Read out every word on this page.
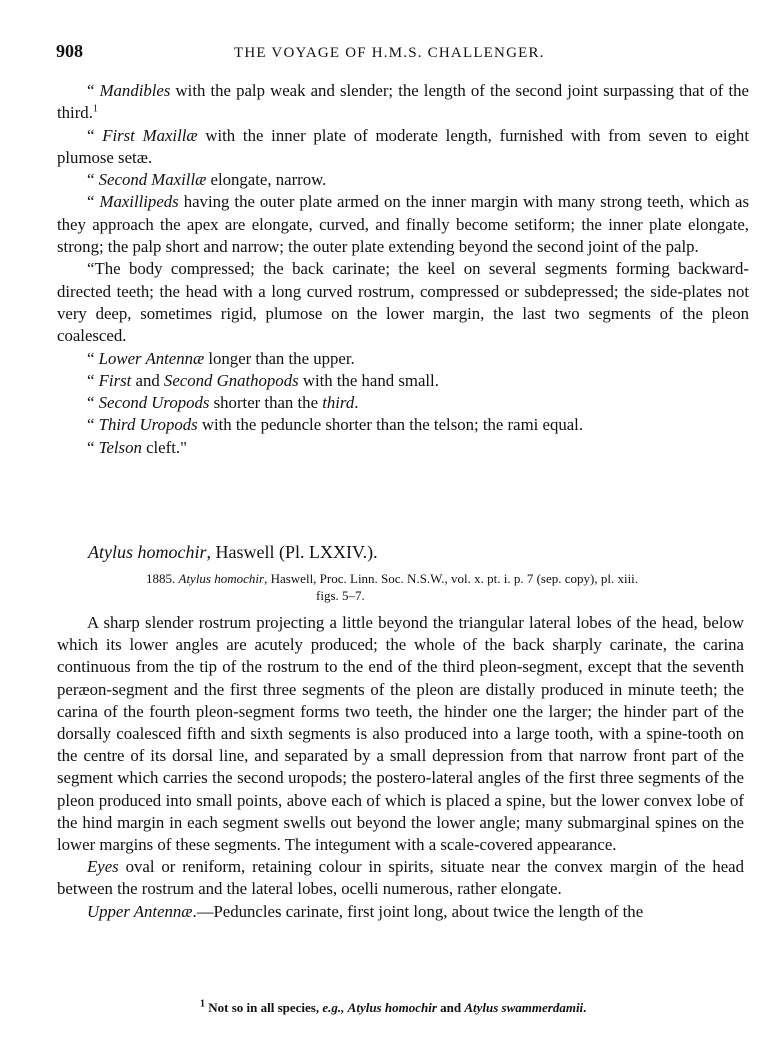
908	THE VOYAGE OF H.M.S. CHALLENGER.

“ Mandibles with the palp weak and slender; the length of the second joint surpassing that of the third.$^1$

“ First Maxillæ with the inner plate of moderate length, furnished with from seven to eight plumose setæ.

“ Second Maxillæ elongate, narrow.

“ Maxillipeds having the outer plate armed on the inner margin with many strong teeth, which as they approach the apex are elongate, curved, and finally become setiform; the inner plate elongate, strong; the palp short and narrow; the outer plate extending beyond the second joint of the palp.

“The body compressed; the back carinate; the keel on several segments forming backward-directed teeth; the head with a long curved rostrum, compressed or subdepressed; the side-plates not very deep, sometimes rigid, plumose on the lower margin, the last two segments of the pleon coalesced.

“ Lower Antennæ longer than the upper.

“ First and Second Gnathopods with the hand small.

“ Second Uropods shorter than the third.

“ Third Uropods with the peduncle shorter than the telson; the rami equal.

“ Telson cleft."

Atylus homochir, Haswell (Pl. LXXIV.).
1885. Atylus homochir, Haswell, Proc. Linn. Soc. N.S.W., vol. x. pt. i. p. 7 (sep. copy), pl. xiii.
figs. 5–7.

A sharp slender rostrum projecting a little beyond the triangular lateral lobes of the head, below which its lower angles are acutely produced; the whole of the back sharply carinate, the carina continuous from the tip of the rostrum to the end of the third pleon-segment, except that the seventh peræon-segment and the first three segments of the pleon are distally produced in minute teeth; the carina of the fourth pleon-segment forms two teeth, the hinder one the larger; the hinder part of the dorsally coalesced fifth and sixth segments is also produced into a large tooth, with a spine-tooth on the centre of its dorsal line, and separated by a small depression from that narrow front part of the segment which carries the second uropods; the postero-lateral angles of the first three segments of the pleon produced into small points, above each of which is placed a spine, but the lower convex lobe of the hind margin in each segment swells out beyond the lower angle; many submarginal spines on the lower margins of these segments. The integument with a scale-covered appearance.

Eyes oval or reniform, retaining colour in spirits, situate near the convex margin of the head between the rostrum and the lateral lobes, ocelli numerous, rather elongate.

Upper Antennæ.—Peduncles carinate, first joint long, about twice the length of the

$^1$ Not so in all species, e.g., Atylus homochir and Atylus swammerdamii.
